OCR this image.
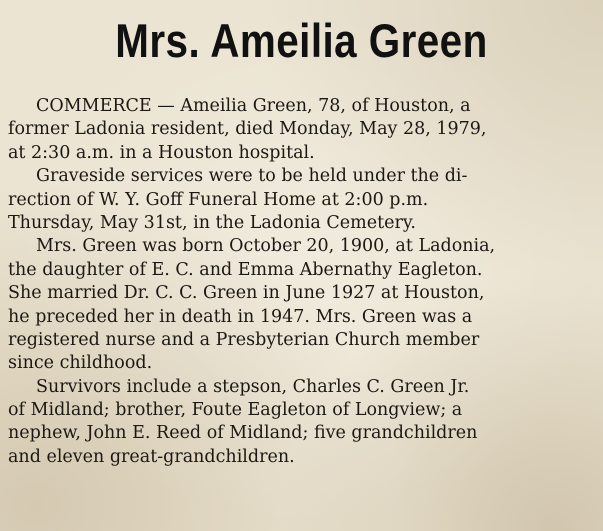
Mrs. Ameilia Green
COMMERCE — Ameilia Green, 78, of Houston, a
former Ladonia resident, died Monday, May 28, 1979,
at 2:30 a.m. in a Houston hospital.
Graveside services were to be held under the di-
rection of W. Y. Goff Funeral Home at 2:00 p.m.
Thursday, May 31st, in the Ladonia Cemetery.
Mrs. Green was born October 20, 1900, at Ladonia,
the daughter of E. C. and Emma Abernathy Eagleton.
She married Dr. C. C. Green in June 1927 at Houston,
he preceded her in death in 1947. Mrs. Green was a
registered nurse and a Presbyterian Church member
since childhood.
Survivors include a stepson, Charles C. Green Jr.
of Midland; brother, Foute Eagleton of Longview; a
nephew, John E. Reed of Midland; five grandchildren
and eleven great-grandchildren.
